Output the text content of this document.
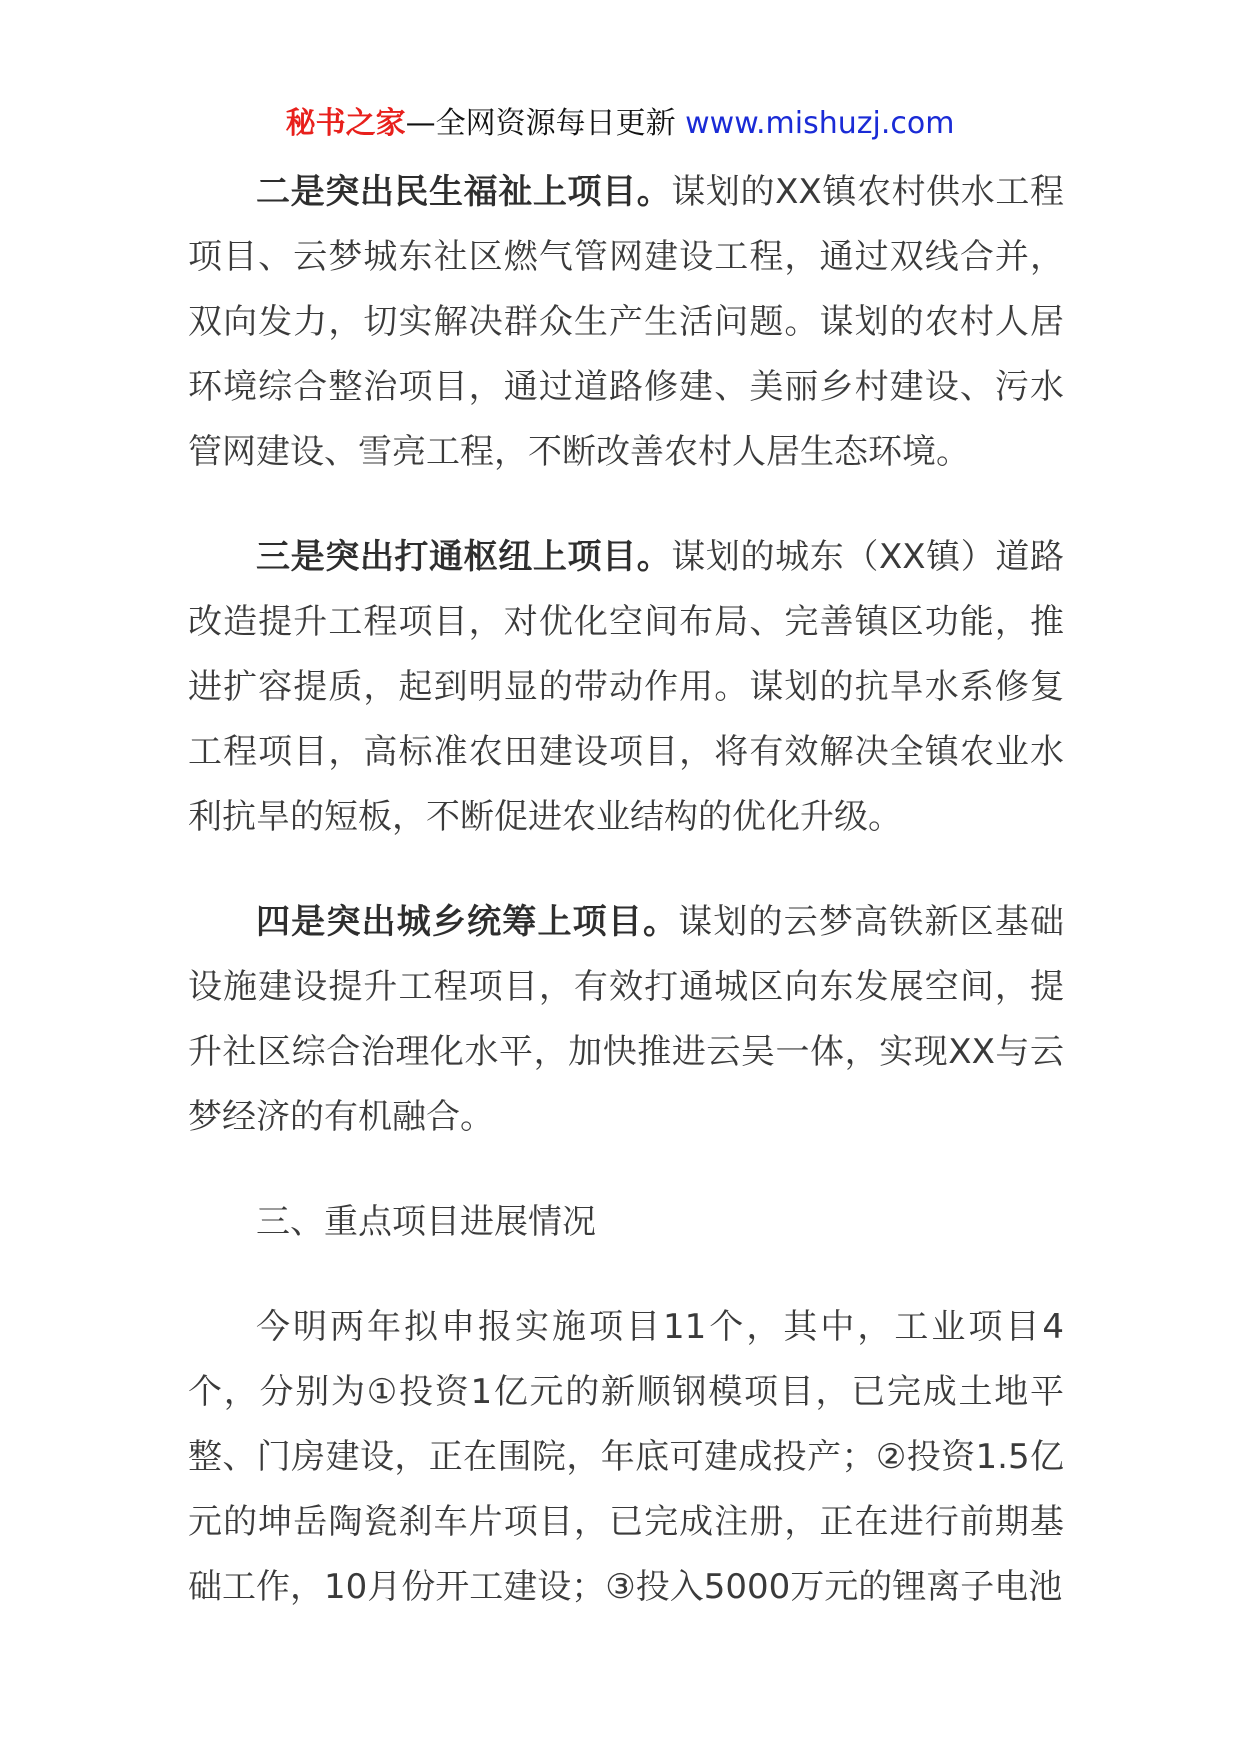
秘书之家—全网资源每日更新 www.mishuzj.com

二是突出民生福祉上项目。谋划的XX镇农村供水工程项目、云梦城东社区燃气管网建设工程，通过双线合并，双向发力，切实解决群众生产生活问题。谋划的农村人居环境综合整治项目，通过道路修建、美丽乡村建设、污水管网建设、雪亮工程，不断改善农村人居生态环境。

三是突出打通枢纽上项目。谋划的城东（XX镇）道路改造提升工程项目，对优化空间布局、完善镇区功能，推进扩容提质，起到明显的带动作用。谋划的抗旱水系修复工程项目，高标准农田建设项目，将有效解决全镇农业水利抗旱的短板，不断促进农业结构的优化升级。

四是突出城乡统筹上项目。谋划的云梦高铁新区基础设施建设提升工程项目，有效打通城区向东发展空间，提升社区综合治理化水平，加快推进云吴一体，实现XX与云梦经济的有机融合。

三、重点项目进展情况

今明两年拟申报实施项目11个，其中，工业项目4个，分别为①投资1亿元的新顺钢模项目，已完成土地平整、门房建设，正在围院，年底可建成投产；②投资1.5亿元的坤岳陶瓷刹车片项目，已完成注册，正在进行前期基础工作，10月份开工建设；③投入5000万元的锂离子电池
